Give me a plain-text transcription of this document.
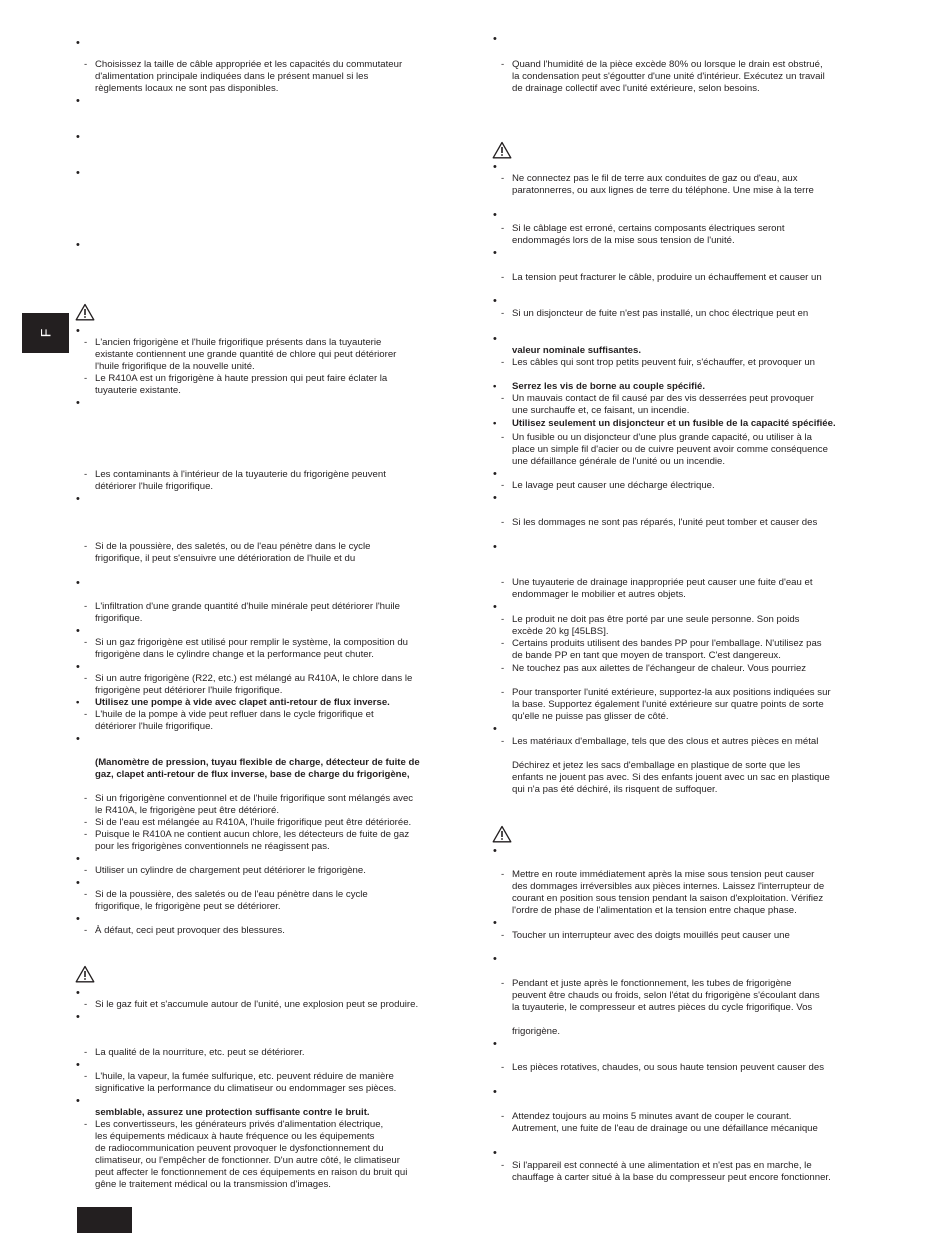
F
•
- Choisissez la taille de câble appropriée et les capacités du commutateur
d'alimentation principale indiquées dans le présent manuel si les
règlements locaux ne sont pas disponibles.
•
•
•
•
•
- L'ancien frigorigène et l'huile frigorifique présents dans la tuyauterie
existante contiennent une grande quantité de chlore qui peut détériorer
l'huile frigorifique de la nouvelle unité.
- Le R410A est un frigorigène à haute pression qui peut faire éclater la
tuyauterie existante.
•
- Les contaminants à l'intérieur de la tuyauterie du frigorigène peuvent
détériorer l'huile frigorifique.
•
- Si de la poussière, des saletés, ou de l'eau pénètre dans le cycle
frigorifique, il peut s'ensuivre une détérioration de l'huile et du
•
- L'infiltration d'une grande quantité d'huile minérale peut détériorer l'huile
frigorifique.
•
- Si un gaz frigorigène est utilisé pour remplir le système, la composition du
frigorigène dans le cylindre change et la performance peut chuter.
•
- Si un autre frigorigène (R22, etc.) est mélangé au R410A, le chlore dans le
frigorigène peut détériorer l'huile frigorifique.
• Utilisez une pompe à vide avec clapet anti-retour de flux inverse.
- L'huile de la pompe à vide peut refluer dans le cycle frigorifique et
détériorer l'huile frigorifique.
•
(Manomètre de pression, tuyau flexible de charge, détecteur de fuite de
gaz, clapet anti-retour de flux inverse, base de charge du frigorigène,
- Si un frigorigène conventionnel et de l'huile frigorifique sont mélangés avec
le R410A, le frigorigène peut être détérioré.
- Si de l'eau est mélangée au R410A, l'huile frigorifique peut être détériorée.
- Puisque le R410A ne contient aucun chlore, les détecteurs de fuite de gaz
pour les frigorigènes conventionnels ne réagissent pas.
•
- Utiliser un cylindre de chargement peut détériorer le frigorigène.
•
- Si de la poussière, des saletés ou de l'eau pénètre dans le cycle
frigorifique, le frigorigène peut se détériorer.
•
- À défaut, ceci peut provoquer des blessures.
•
- Si le gaz fuit et s'accumule autour de l'unité, une explosion peut se produire.
•
- La qualité de la nourriture, etc. peut se détériorer.
•
- L'huile, la vapeur, la fumée sulfurique, etc. peuvent réduire de manière
significative la performance du climatiseur ou endommager ses pièces.
•
semblable, assurez une protection suffisante contre le bruit.
- Les convertisseurs, les générateurs privés d'alimentation électrique,
les équipements médicaux à haute fréquence ou les équipements
de radiocommunication peuvent provoquer le dysfonctionnement du
climatiseur, ou l'empêcher de fonctionner. D'un autre côté, le climatiseur
peut affecter le fonctionnement de ces équipements en raison du bruit qui
gêne le traitement médical ou la transmission d'images.
•
- Quand l'humidité de la pièce excède 80% ou lorsque le drain est obstrué,
la condensation peut s'égoutter d'une unité d'intérieur. Exécutez un travail
de drainage collectif avec l'unité extérieure, selon besoins.
•
- Ne connectez pas le fil de terre aux conduites de gaz ou d'eau, aux
paratonnerres, ou aux lignes de terre du téléphone. Une mise à la terre
•
- Si le câblage est erroné, certains composants électriques seront
endommagés lors de la mise sous tension de l'unité.
•
- La tension peut fracturer le câble, produire un échauffement et causer un
•
- Si un disjoncteur de fuite n'est pas installé, un choc électrique peut en
•
valeur nominale suffisantes.
- Les câbles qui sont trop petits peuvent fuir, s'échauffer, et provoquer un
• Serrez les vis de borne au couple spécifié.
- Un mauvais contact de fil causé par des vis desserrées peut provoquer
une surchauffe et, ce faisant, un incendie.
• Utilisez seulement un disjoncteur et un fusible de la capacité spécifiée.
- Un fusible ou un disjoncteur d'une plus grande capacité, ou utiliser à la
place un simple fil d'acier ou de cuivre peuvent avoir comme conséquence
une défaillance générale de l'unité ou un incendie.
•
- Le lavage peut causer une décharge électrique.
•
- Si les dommages ne sont pas réparés, l'unité peut tomber et causer des
•
- Une tuyauterie de drainage inappropriée peut causer une fuite d'eau et
endommager le mobilier et autres objets.
•
- Le produit ne doit pas être porté par une seule personne. Son poids
excède 20 kg [45LBS].
- Certains produits utilisent des bandes PP pour l'emballage. N'utilisez pas
de bande PP en tant que moyen de transport. C'est dangereux.
- Ne touchez pas aux ailettes de l'échangeur de chaleur. Vous pourriez
- Pour transporter l'unité extérieure, supportez-la aux positions indiquées sur
la base. Supportez également l'unité extérieure sur quatre points de sorte
qu'elle ne puisse pas glisser de côté.
•
- Les matériaux d'emballage, tels que des clous et autres pièces en métal
Déchirez et jetez les sacs d'emballage en plastique de sorte que les
enfants ne jouent pas avec. Si des enfants jouent avec un sac en plastique
qui n'a pas été déchiré, ils risquent de suffoquer.
•
- Mettre en route immédiatement après la mise sous tension peut causer
des dommages irréversibles aux pièces internes. Laissez l'interrupteur de
courant en position sous tension pendant la saison d'exploitation. Vérifiez
l'ordre de phase de l'alimentation et la tension entre chaque phase.
•
- Toucher un interrupteur avec des doigts mouillés peut causer une
•
- Pendant et juste après le fonctionnement, les tubes de frigorigène
peuvent être chauds ou froids, selon l'état du frigorigène s'écoulant dans
la tuyauterie, le compresseur et autres pièces du cycle frigorifique. Vos
frigorigène.
•
- Les pièces rotatives, chaudes, ou sous haute tension peuvent causer des
•
- Attendez toujours au moins 5 minutes avant de couper le courant.
Autrement, une fuite de l'eau de drainage ou une défaillance mécanique
•
- Si l'appareil est connecté à une alimentation et n'est pas en marche, le
chauffage à carter situé à la base du compresseur peut encore fonctionner.
